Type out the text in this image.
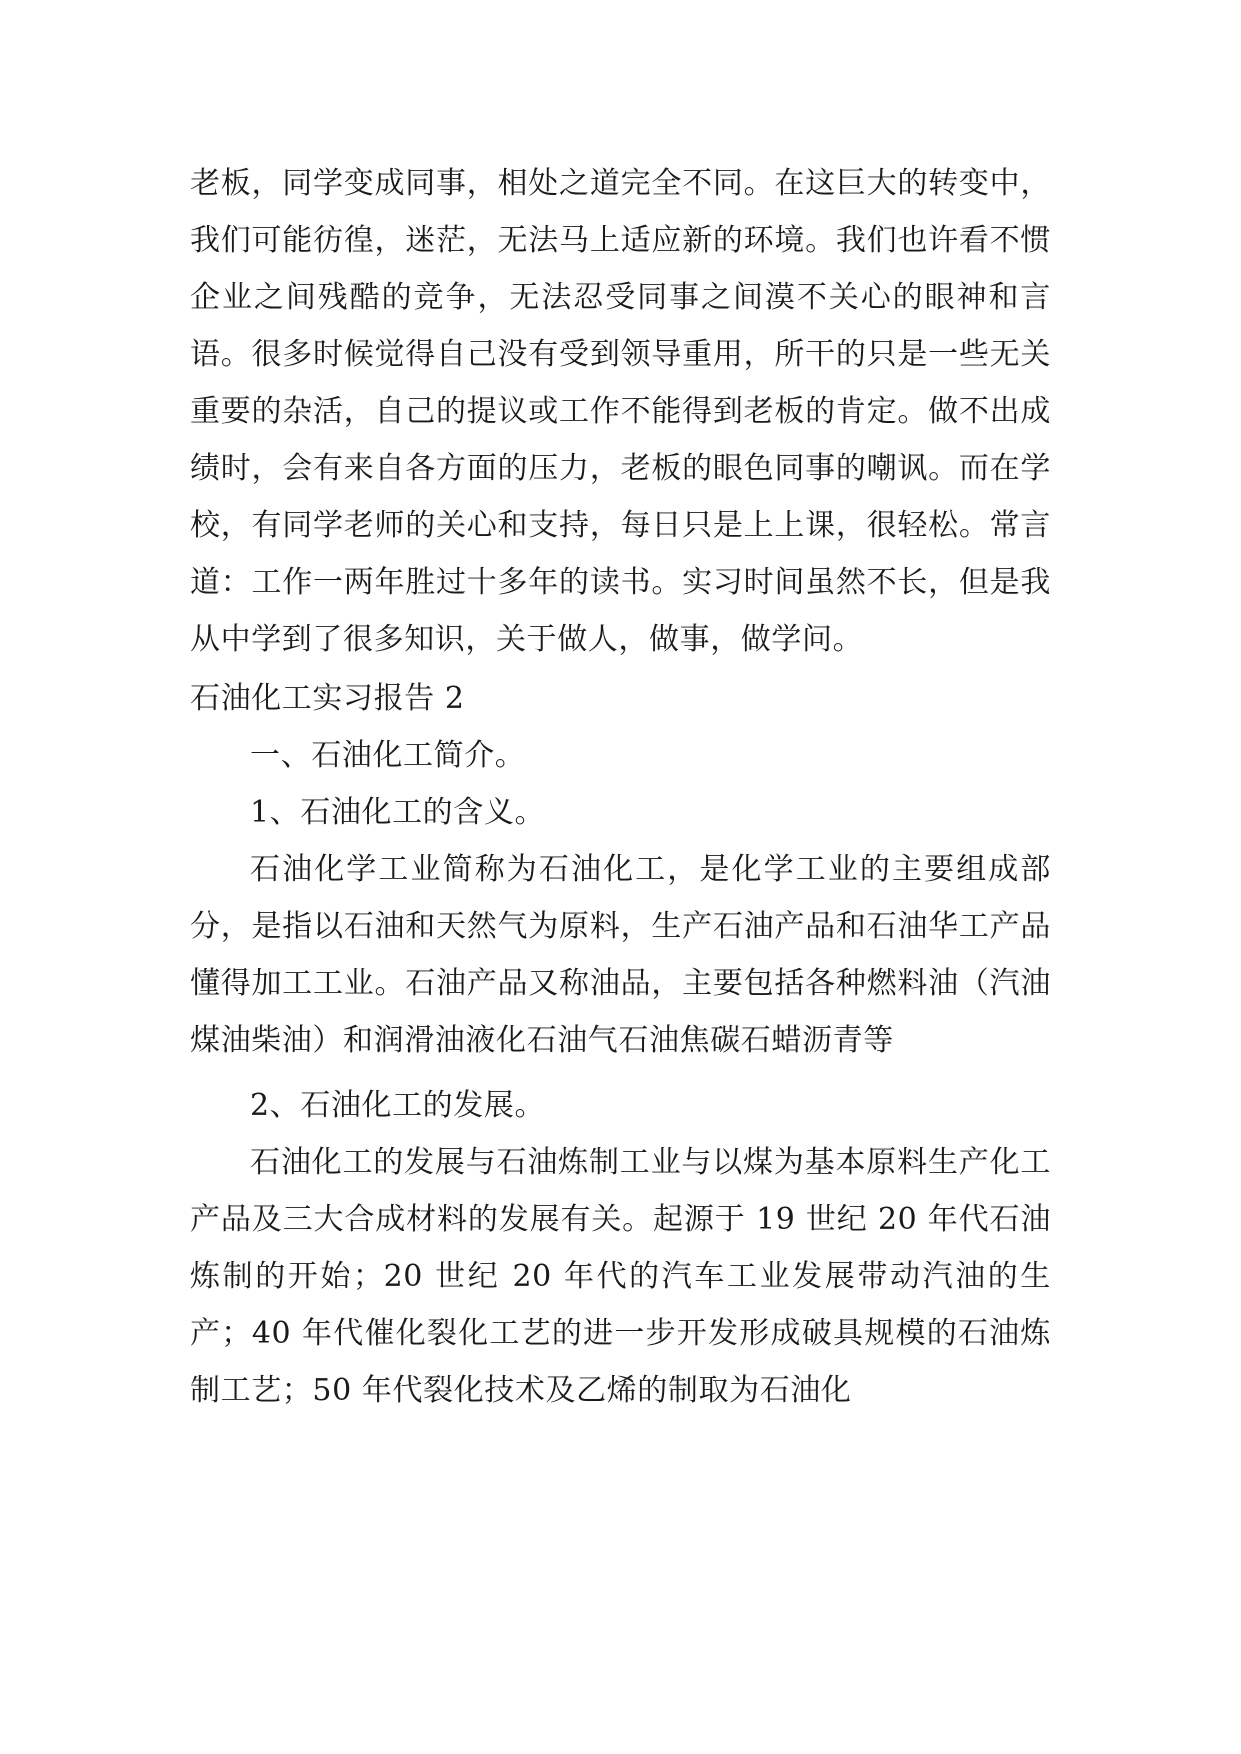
老板，同学变成同事，相处之道完全不同。在这巨大的转变中，我们可能彷徨，迷茫，无法马上适应新的环境。我们也许看不惯企业之间残酷的竞争，无法忍受同事之间漠不关心的眼神和言语。很多时候觉得自己没有受到领导重用，所干的只是一些无关重要的杂活，自己的提议或工作不能得到老板的肯定。做不出成绩时，会有来自各方面的压力，老板的眼色同事的嘲讽。而在学校，有同学老师的关心和支持，每日只是上上课，很轻松。常言道：工作一两年胜过十多年的读书。实习时间虽然不长，但是我从中学到了很多知识，关于做人，做事，做学问。

石油化工实习报告 2

一、石油化工简介。

1、石油化工的含义。

石油化学工业简称为石油化工，是化学工业的主要组成部分，是指以石油和天然气为原料，生产石油产品和石油华工产品懂得加工工业。石油产品又称油品，主要包括各种燃料油（汽油煤油柴油）和润滑油液化石油气石油焦碳石蜡沥青等

2、石油化工的发展。

石油化工的发展与石油炼制工业与以煤为基本原料生产化工产品及三大合成材料的发展有关。起源于 19 世纪 20 年代石油炼制的开始；20 世纪 20 年代的汽车工业发展带动汽油的生产；40 年代催化裂化工艺的进一步开发形成破具规模的石油炼制工艺；50 年代裂化技术及乙烯的制取为石油化
